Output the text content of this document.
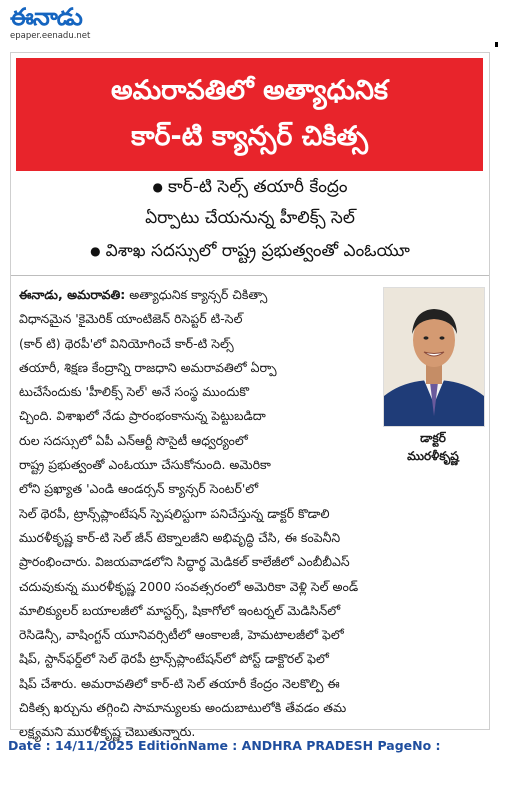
ఈనాడు
epaper.eenadu.net
అమరావతిలో అత్యాధునిక
కార్-టి క్యాన్సర్ చికిత్స
● కార్-టి సెల్స్ తయారీ కేంద్రం
ఏర్పాటు చేయనున్న హీలిక్స్ సెల్
● విశాఖ సదస్సులో రాష్ట్ర ప్రభుత్వంతో ఎంఓయూ
ఈనాడు, అమరావతి: అత్యాధునిక క్యాన్సర్ చికిత్సా
విధానమైన 'కైమెరిక్ యాంటిజెన్ రిసెప్టర్ టి-సెల్
(కార్ టి) థెరపీ'లో వినియోగించే కార్-టి సెల్స్
తయారీ, శిక్షణ కేంద్రాన్ని రాజధాని అమరావతిలో ఏర్పా
టుచేసేందుకు 'హీలిక్స్ సెల్' అనే సంస్థ ముందుకొ
చ్చింది. విశాఖలో నేడు ప్రారంభంకానున్న పెట్టుబడిదా
రుల సదస్సులో ఏపీ ఎన్ఆర్టీ సొసైటీ ఆధ్వర్యంలో
రాష్ట్ర ప్రభుత్వంతో ఎంఓయూ చేసుకోనుంది. అమెరికా
లోని ప్రఖ్యాత 'ఎండి ఆండర్సన్ క్యాన్సర్ సెంటర్'లో
సెల్ థెరపీ, ట్రాన్స్‌ప్లాంటేషన్ స్పెషలిస్టుగా పనిచేస్తున్న డాక్టర్ కొడాలి
మురళీకృష్ణ కార్-టి సెల్ జీన్ టెక్నాలజీని అభివృద్ధి చేసి, ఈ కంపెనీని
ప్రారంభించారు. విజయవాడలోని సిద్ధార్థ మెడికల్ కాలేజీలో ఎంబీబీఎస్
చదువుకున్న మురళీకృష్ణ 2000 సంవత్సరంలో అమెరికా వెళ్లి సెల్ అండ్
మాలిక్యులర్ బయాలజీలో మాస్టర్స్, షికాగోలో ఇంటర్నల్ మెడిసిన్‌లో
రెసిడెన్సీ, వాషింగ్టన్ యూనివర్సిటీలో ఆంకాలజీ, హెమటాలజీలో ఫెలో
షిప్, స్టాన్‌ఫర్డ్‌లో సెల్ థెరపీ ట్రాన్స్‌ప్లాంటేషన్‌లో పోస్ట్ డాక్టొరల్ ఫెలో
షిప్ చేశారు. అమరావతిలో కార్-టి సెల్ తయారీ కేంద్రం నెలకొల్పి ఈ
చికిత్స ఖర్చును తగ్గించి సామాన్యులకు అందుబాటులోకి తేవడం తమ
లక్ష్యమని మురళీకృష్ణ చెబుతున్నారు.
డాక్టర్
మురళీకృష్ణ
Date : 14/11/2025 EditionName : ANDHRA PRADESH PageNo :
